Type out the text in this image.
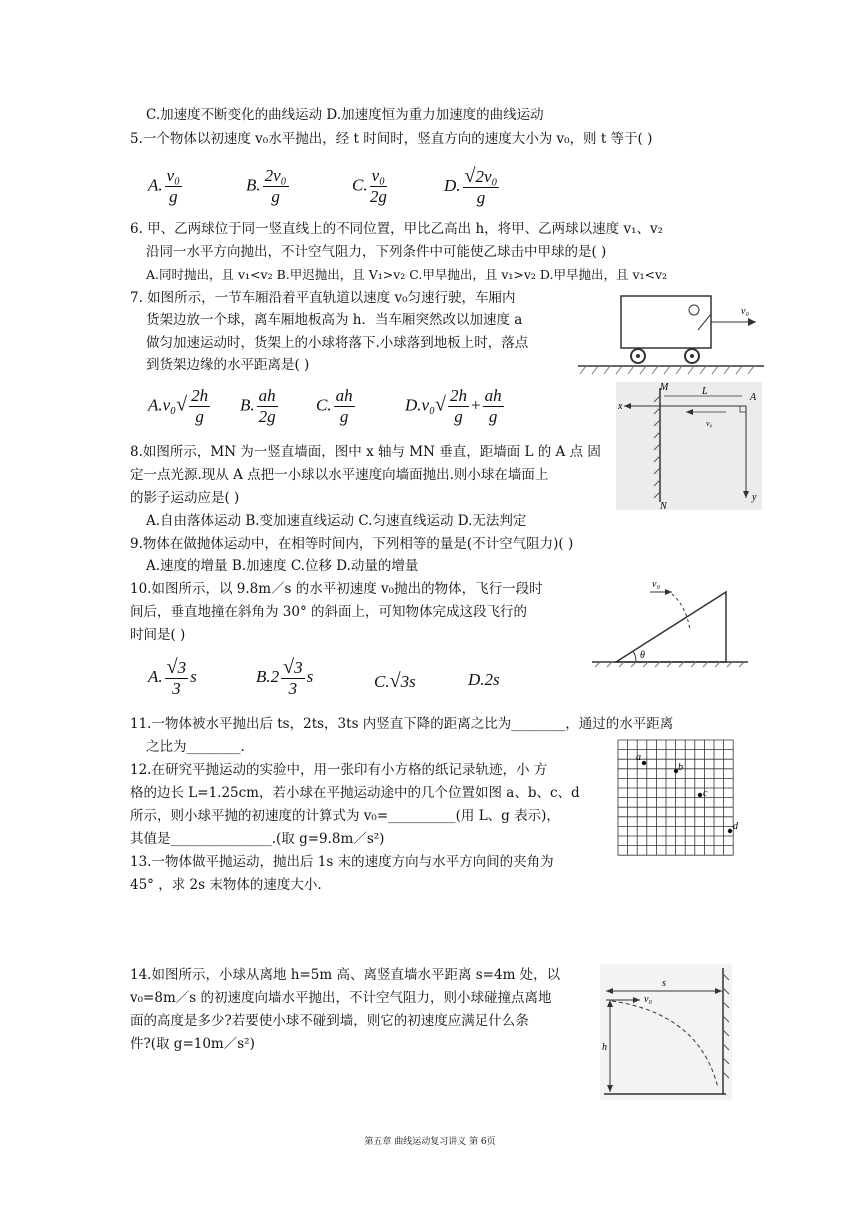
C.加速度不断变化的曲线运动 D.加速度恒为重力加速度的曲线运动
5.一个物体以初速度 v₀水平抛出，经 t 时间时，竖直方向的速度大小为 v₀，则 t 等于( )
A. $\frac{\text{v₀}}{g}$	B. $\frac{\text{2v₀}}{g}$	C. $\frac{\text{v₀}}{2g}$	D. $\frac{\text{√2v₀}}{g}$
6. 甲、乙两球位于同一竖直线上的不同位置，甲比乙高出 h，将甲、乙两球以速度 v₁、v₂
沿同一水平方向抛出，不计空气阻力，下列条件中可能使乙球击中甲球的是( )
A.同时抛出，且 v₁<v₂ B.甲迟抛出，且 V₁>v₂ C.甲早抛出，且 v₁>v₂ D.甲早抛出，且 v₁<v₂
7. 如图所示，一节车厢沿着平直轨道以速度 v₀匀速行驶，车厢内
货架边放一个球，离车厢地板高为 h．当车厢突然改以加速度 a
做匀加速运动时，货架上的小球将落下.小球落到地板上时，落点
到货架边缘的水平距离是( )
$A.v_0√ \frac{2h}{g} B$. $\frac{ah}{2g} C$. $\frac{ah}{g}$	$D.v_0√ \frac{2h}{g} + \frac{ah}{g}$
8.如图所示，MN 为一竖直墙面，图中 x 轴与 MN 垂直，距墙面 L 的 A 点 固
定一点光源.现从 A 点把一小球以水平速度向墙面抛出.则小球在墙面上
的影子运动应是( )
A.自由落体运动 B.变加速直线运动 C.匀速直线运动 D.无法判定
9.物体在做抛体运动中，在相等时间内，下列相等的量是(不计空气阻力)( )
A.速度的增量 B.加速度 C.位移 D.动量的增量
10.如图所示，以 9.8m／s 的水平初速度 v₀抛出的物体，飞行一段时
间后，垂直地撞在斜角为 30° 的斜面上，可知物体完成这段飞行的
时间是( )
A. $\frac{√3}{3}$ s	$B.2 \frac{√3}{3}$ s	C.√3s	D.2s
11.一物体被水平抛出后 ts，2ts，3ts 内竖直下降的距离之比为________，通过的水平距离
之比为________.
12.在研究平抛运动的实验中，用一张印有小方格的纸记录轨迹，小 方
格的边长 L=1.25cm，若小球在平抛运动途中的几个位置如图 a、b、c、d
所示，则小球平抛的初速度的计算式为 v₀=__________(用 L、g 表示)，
其值是_______________.(取 g=9.8m／s²)
13.一物体做平抛运动，抛出后 1s 末的速度方向与水平方向间的夹角为
45° ，求 2s 末物体的速度大小.
14.如图所示，小球从离地 h=5m 高、离竖直墙水平距离 s=4m 处，以
v₀=8m／s 的初速度向墙水平抛出，不计空气阻力，则小球碰撞点离地
面的高度是多少?若要使小球不碰到墙，则它的初速度应满足什么条
件?(取 g=10m／s²)
v₀
M
N
L
x
y
A
v₀
v₀
θ
a
b
c
d
v₀
s
h
第五章 曲线运动复习讲义 第 6页
